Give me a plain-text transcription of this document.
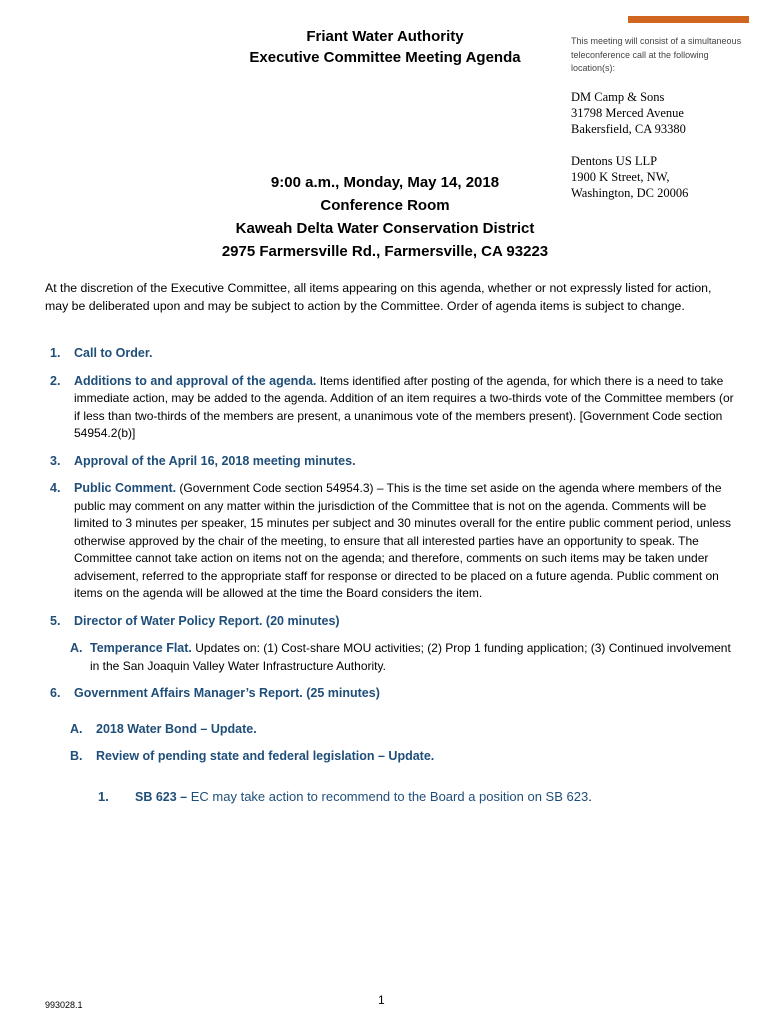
Friant Water Authority
Executive Committee Meeting Agenda
This meeting will consist of a simultaneous teleconference call at the following location(s):
DM Camp & Sons
31798 Merced Avenue
Bakersfield, CA 93380
Dentons US LLP
1900 K Street, NW,
Washington, DC 20006
9:00 a.m., Monday, May 14, 2018
Conference Room
Kaweah Delta Water Conservation District
2975 Farmersville Rd., Farmersville, CA 93223
At the discretion of the Executive Committee, all items appearing on this agenda, whether or not expressly listed for action, may be deliberated upon and may be subject to action by the Committee. Order of agenda items is subject to change.
1. Call to Order.
2. Additions to and approval of the agenda. Items identified after posting of the agenda, for which there is a need to take immediate action, may be added to the agenda. Addition of an item requires a two-thirds vote of the Committee members (or if less than two-thirds of the members are present, a unanimous vote of the members present). [Government Code section 54954.2(b)]
3. Approval of the April 16, 2018 meeting minutes.
4. Public Comment. (Government Code section 54954.3) – This is the time set aside on the agenda where members of the public may comment on any matter within the jurisdiction of the Committee that is not on the agenda. Comments will be limited to 3 minutes per speaker, 15 minutes per subject and 30 minutes overall for the entire public comment period, unless otherwise approved by the chair of the meeting, to ensure that all interested parties have an opportunity to speak. The Committee cannot take action on items not on the agenda; and therefore, comments on such items may be taken under advisement, referred to the appropriate staff for response or directed to be placed on a future agenda. Public comment on items on the agenda will be allowed at the time the Board considers the item.
5. Director of Water Policy Report. (20 minutes)
A. Temperance Flat. Updates on: (1) Cost-share MOU activities; (2) Prop 1 funding application; (3) Continued involvement in the San Joaquin Valley Water Infrastructure Authority.
6. Government Affairs Manager’s Report. (25 minutes)
A. 2018 Water Bond – Update.
B. Review of pending state and federal legislation – Update.
1. SB 623 – EC may take action to recommend to the Board a position on SB 623.
993028.1	1
